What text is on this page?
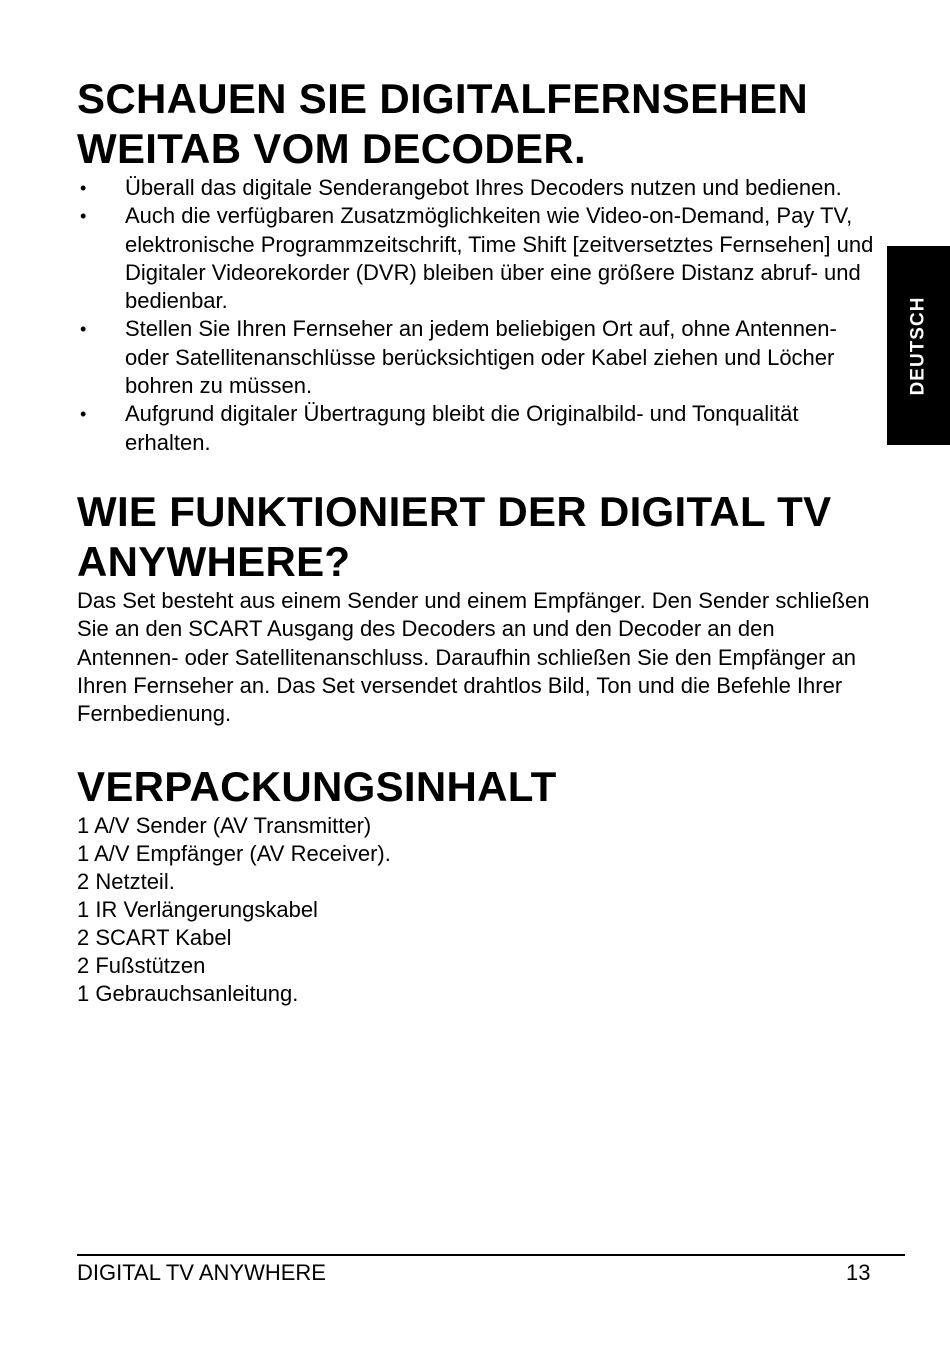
SCHAUEN SIE DIGITALFERNSEHEN
WEITAB VOM DECODER.
• Überall das digitale Senderangebot Ihres Decoders nutzen und bedienen.
• Auch die verfügbaren Zusatzmöglichkeiten wie Video-on-Demand, Pay TV, elektronische Programmzeitschrift, Time Shift [zeitversetztes Fernsehen] und Digitaler Videorekorder (DVR) bleiben über eine größere Distanz abruf- und bedienbar.
• Stellen Sie Ihren Fernseher an jedem beliebigen Ort auf, ohne Antennen- oder Satellitenanschlüsse berücksichtigen oder Kabel ziehen und Löcher bohren zu müssen.
• Aufgrund digitaler Übertragung bleibt die Originalbild- und Tonqualität erhalten.
WIE FUNKTIONIERT DER DIGITAL TV
ANYWHERE?

Das Set besteht aus einem Sender und einem Empfänger. Den Sender schließen Sie an den SCART Ausgang des Decoders an und den Decoder an den Antennen- oder Satellitenanschluss. Daraufhin schließen Sie den Empfänger an Ihren Fernseher an. Das Set versendet drahtlos Bild, Ton und die Befehle Ihrer Fernbedienung.

VERPACKUNGSINHALT
1 A/V Sender (AV Transmitter)
1 A/V Empfänger (AV Receiver).
2 Netzteil.
1 IR Verlängerungskabel
2 SCART Kabel
2 Fußstützen
1 Gebrauchsanleitung.
DEUTSCH
DIGITAL TV ANYWHERE	13
